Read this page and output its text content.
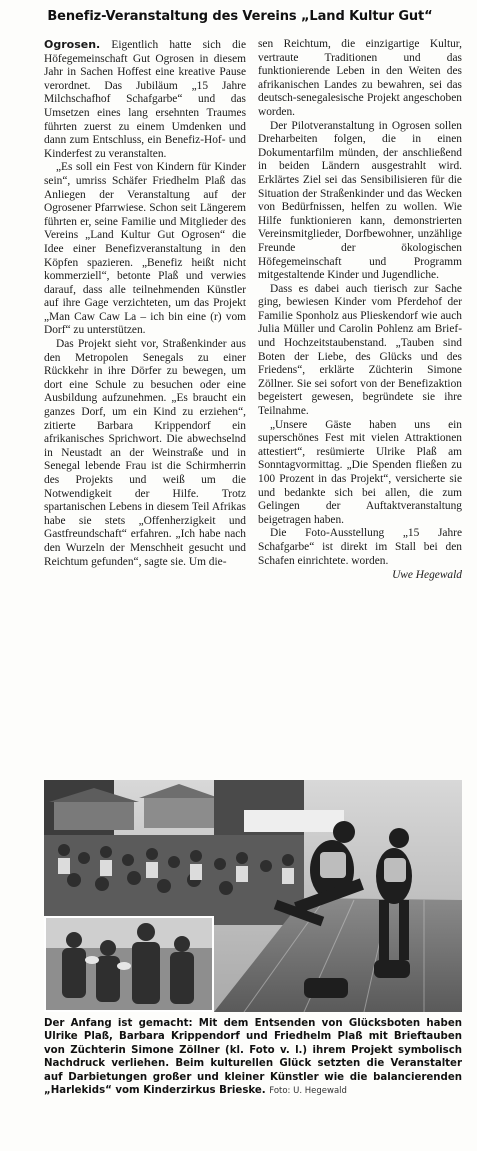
Benefiz-Veranstaltung des Vereins „Land Kultur Gut“

Ogrosen. Eigentlich hatte sich die Höfegemeinschaft Gut Ogrosen in diesem Jahr in Sachen Hoffest eine kreative Pause verordnet. Das Jubiläum „15 Jahre Milchschafhof Schafgarbe“ und das Umsetzen eines lang ersehnten Traumes führten zuerst zu einem Umdenken und dann zum Entschluss, ein Benefiz-Hof- und Kinderfest zu veranstalten.

„Es soll ein Fest von Kindern für Kinder sein“, umriss Schäfer Friedhelm Plaß das Anliegen der Veranstaltung auf der Ogrosener Pfarrwiese. Schon seit Längerem führten er, seine Familie und Mitglieder des Vereins „Land Kultur Gut Ogrosen“ die Idee einer Benefizveranstaltung in den Köpfen spazieren. „Benefiz heißt nicht kommerziell“, betonte Plaß und verwies darauf, dass alle teilnehmenden Künstler auf ihre Gage verzichteten, um das Projekt „Man Caw Caw La – ich bin eine (r) vom Dorf“ zu unterstützen.

Das Projekt sieht vor, Straßenkinder aus den Metropolen Senegals zu einer Rückkehr in ihre Dörfer zu bewegen, um dort eine Schule zu besuchen oder eine Ausbildung aufzunehmen. „Es braucht ein ganzes Dorf, um ein Kind zu erziehen“, zitierte Barbara Krippendorf ein afrikanisches Sprichwort. Die abwechselnd in Neustadt an der Weinstraße und in Senegal lebende Frau ist die Schirmherrin des Projekts und weiß um die Notwendigkeit der Hilfe. Trotz spartanischen Lebens in diesem Teil Afrikas habe sie stets „Offenherzigkeit und Gastfreundschaft“ erfahren. „Ich habe nach den Wurzeln der Menschheit gesucht und Reichtum gefunden“, sagte sie. Um die-

sen Reichtum, die einzigartige Kultur, vertraute Traditionen und das funktionierende Leben in den Weiten des afrikanischen Landes zu bewahren, sei das deutsch-senegalesische Projekt angeschoben worden.

Der Pilotveranstaltung in Ogrosen sollen Dreharbeiten folgen, die in einen Dokumentarfilm münden, der anschließend in beiden Ländern ausgestrahlt wird. Erklärtes Ziel sei das Sensibilisieren für die Situation der Straßenkinder und das Wecken von Bedürfnissen, helfen zu wollen. Wie Hilfe funktionieren kann, demonstrierten Vereinsmitglieder, Dorfbewohner, unzählige Freunde der ökologischen Höfegemeinschaft und Programm mitgestaltende Kinder und Jugendliche.

Dass es dabei auch tierisch zur Sache ging, bewiesen Kinder vom Pferdehof der Familie Sponholz aus Plieskendorf wie auch Julia Müller und Carolin Pohlenz am Brief- und Hochzeitstaubenstand. „Tauben sind Boten der Liebe, des Glücks und des Friedens“, erklärte Züchterin Simone Zöllner. Sie sei sofort von der Benefizaktion begeistert gewesen, begründete sie ihre Teilnahme.

„Unsere Gäste haben uns ein superschönes Fest mit vielen Attraktionen attestiert“, resümierte Ulrike Plaß am Sonntagvormittag. „Die Spenden fließen zu 100 Prozent in das Projekt“, versicherte sie und bedankte sich bei allen, die zum Gelingen der Auftaktveranstaltung beigetragen haben.

Die Foto-Ausstellung „15 Jahre Schafgarbe“ ist direkt im Stall bei den Schafen einrichtete. worden.

Uwe Hegewald
Der Anfang ist gemacht: Mit dem Entsenden von Glücksboten haben Ulrike Plaß, Barbara Krippendorf und Friedhelm Plaß mit Brieftauben von Züchterin Simone Zöllner (kl. Foto v. l.) ihrem Projekt symbolisch Nachdruck verliehen. Beim kulturellen Glück setzten die Veranstalter auf Darbietungen großer und kleiner Künstler wie die balancierenden „Harlekids“ vom Kinderzirkus Brieske. Foto: U. Hegewald
